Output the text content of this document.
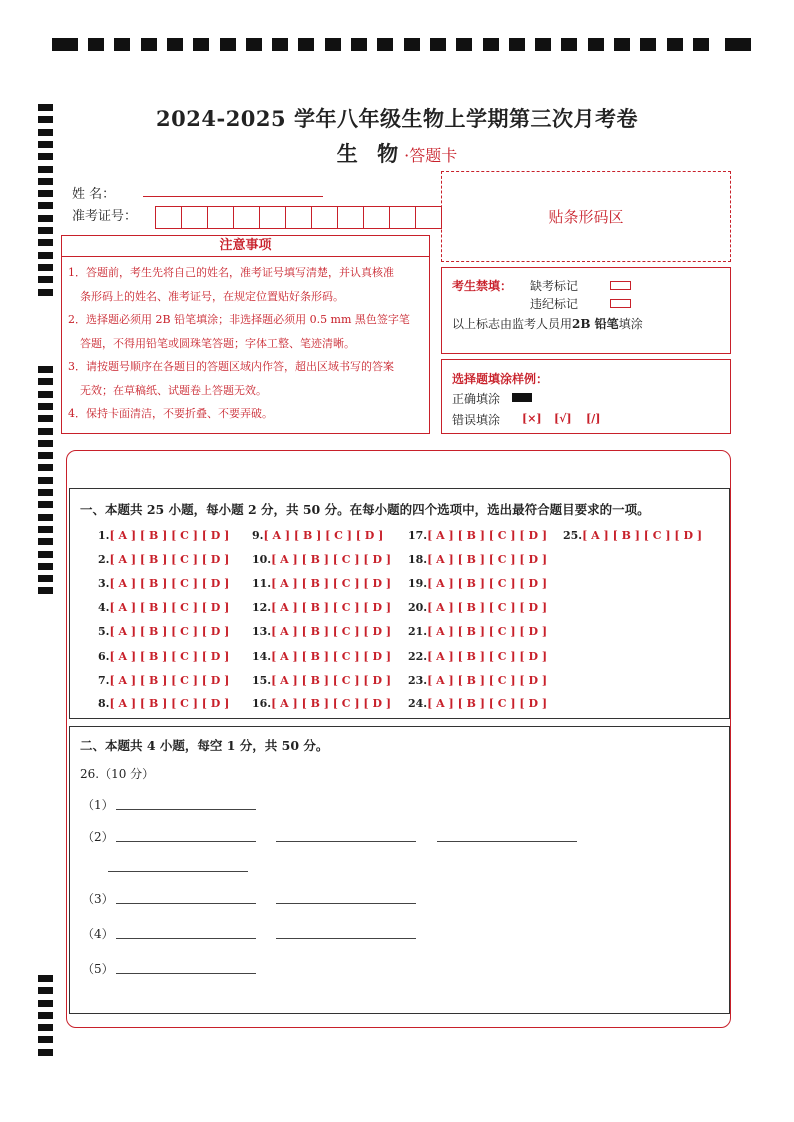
2024-2025 学年八年级生物上学期第三次月考卷
生 物·答题卡
姓 名：
准考证号：	贴条形码区
注意事项
1．答题前，考生先将自己的姓名，准考证号填写清楚，并认真核准
条形码上的姓名、准考证号，在规定位置贴好条形码。
2．选择题必须用 2B 铅笔填涂；非选择题必须用 0.5 mm 黑色签字笔
答题，不得用铅笔或圆珠笔答题；字体工整、笔迹清晰。
3．请按题号顺序在各题目的答题区域内作答，超出区域书写的答案
无效；在草稿纸、试题卷上答题无效。
4．保持卡面清洁，不要折叠、不要弄破。
考生禁填： 缺考标记
违纪标记
以上标志由监考人员用2B 铅笔填涂
选择题填涂样例：
正确填涂
错误填涂 [×] [√] [/]
一、本题共 25 小题，每小题 2 分，共 50 分。在每小题的四个选项中，选出最符合题目要求的一项。
1.[ A ] [ B ] [ C ] [ D ]
2.[ A ] [ B ] [ C ] [ D ]
3.[ A ] [ B ] [ C ] [ D ]
4.[ A ] [ B ] [ C ] [ D ]
5.[ A ] [ B ] [ C ] [ D ]
6.[ A ] [ B ] [ C ] [ D ]
7.[ A ] [ B ] [ C ] [ D ]
8.[ A ] [ B ] [ C ] [ D ]
9.[ A ] [ B ] [ C ] [ D ]
10.[ A ] [ B ] [ C ] [ D ]
11.[ A ] [ B ] [ C ] [ D ]
12.[ A ] [ B ] [ C ] [ D ]
13.[ A ] [ B ] [ C ] [ D ]
14.[ A ] [ B ] [ C ] [ D ]
15.[ A ] [ B ] [ C ] [ D ]
16.[ A ] [ B ] [ C ] [ D ]
17.[ A ] [ B ] [ C ] [ D ]
18.[ A ] [ B ] [ C ] [ D ]
19.[ A ] [ B ] [ C ] [ D ]
20.[ A ] [ B ] [ C ] [ D ]
21.[ A ] [ B ] [ C ] [ D ]
22.[ A ] [ B ] [ C ] [ D ]
23.[ A ] [ B ] [ C ] [ D ]
24.[ A ] [ B ] [ C ] [ D ]
25.[ A ] [ B ] [ C ] [ D ]
二、本题共 4 小题，每空 1 分，共 50 分。
26.（10 分）
（1）
（2）
（3）
（4）
（5）
